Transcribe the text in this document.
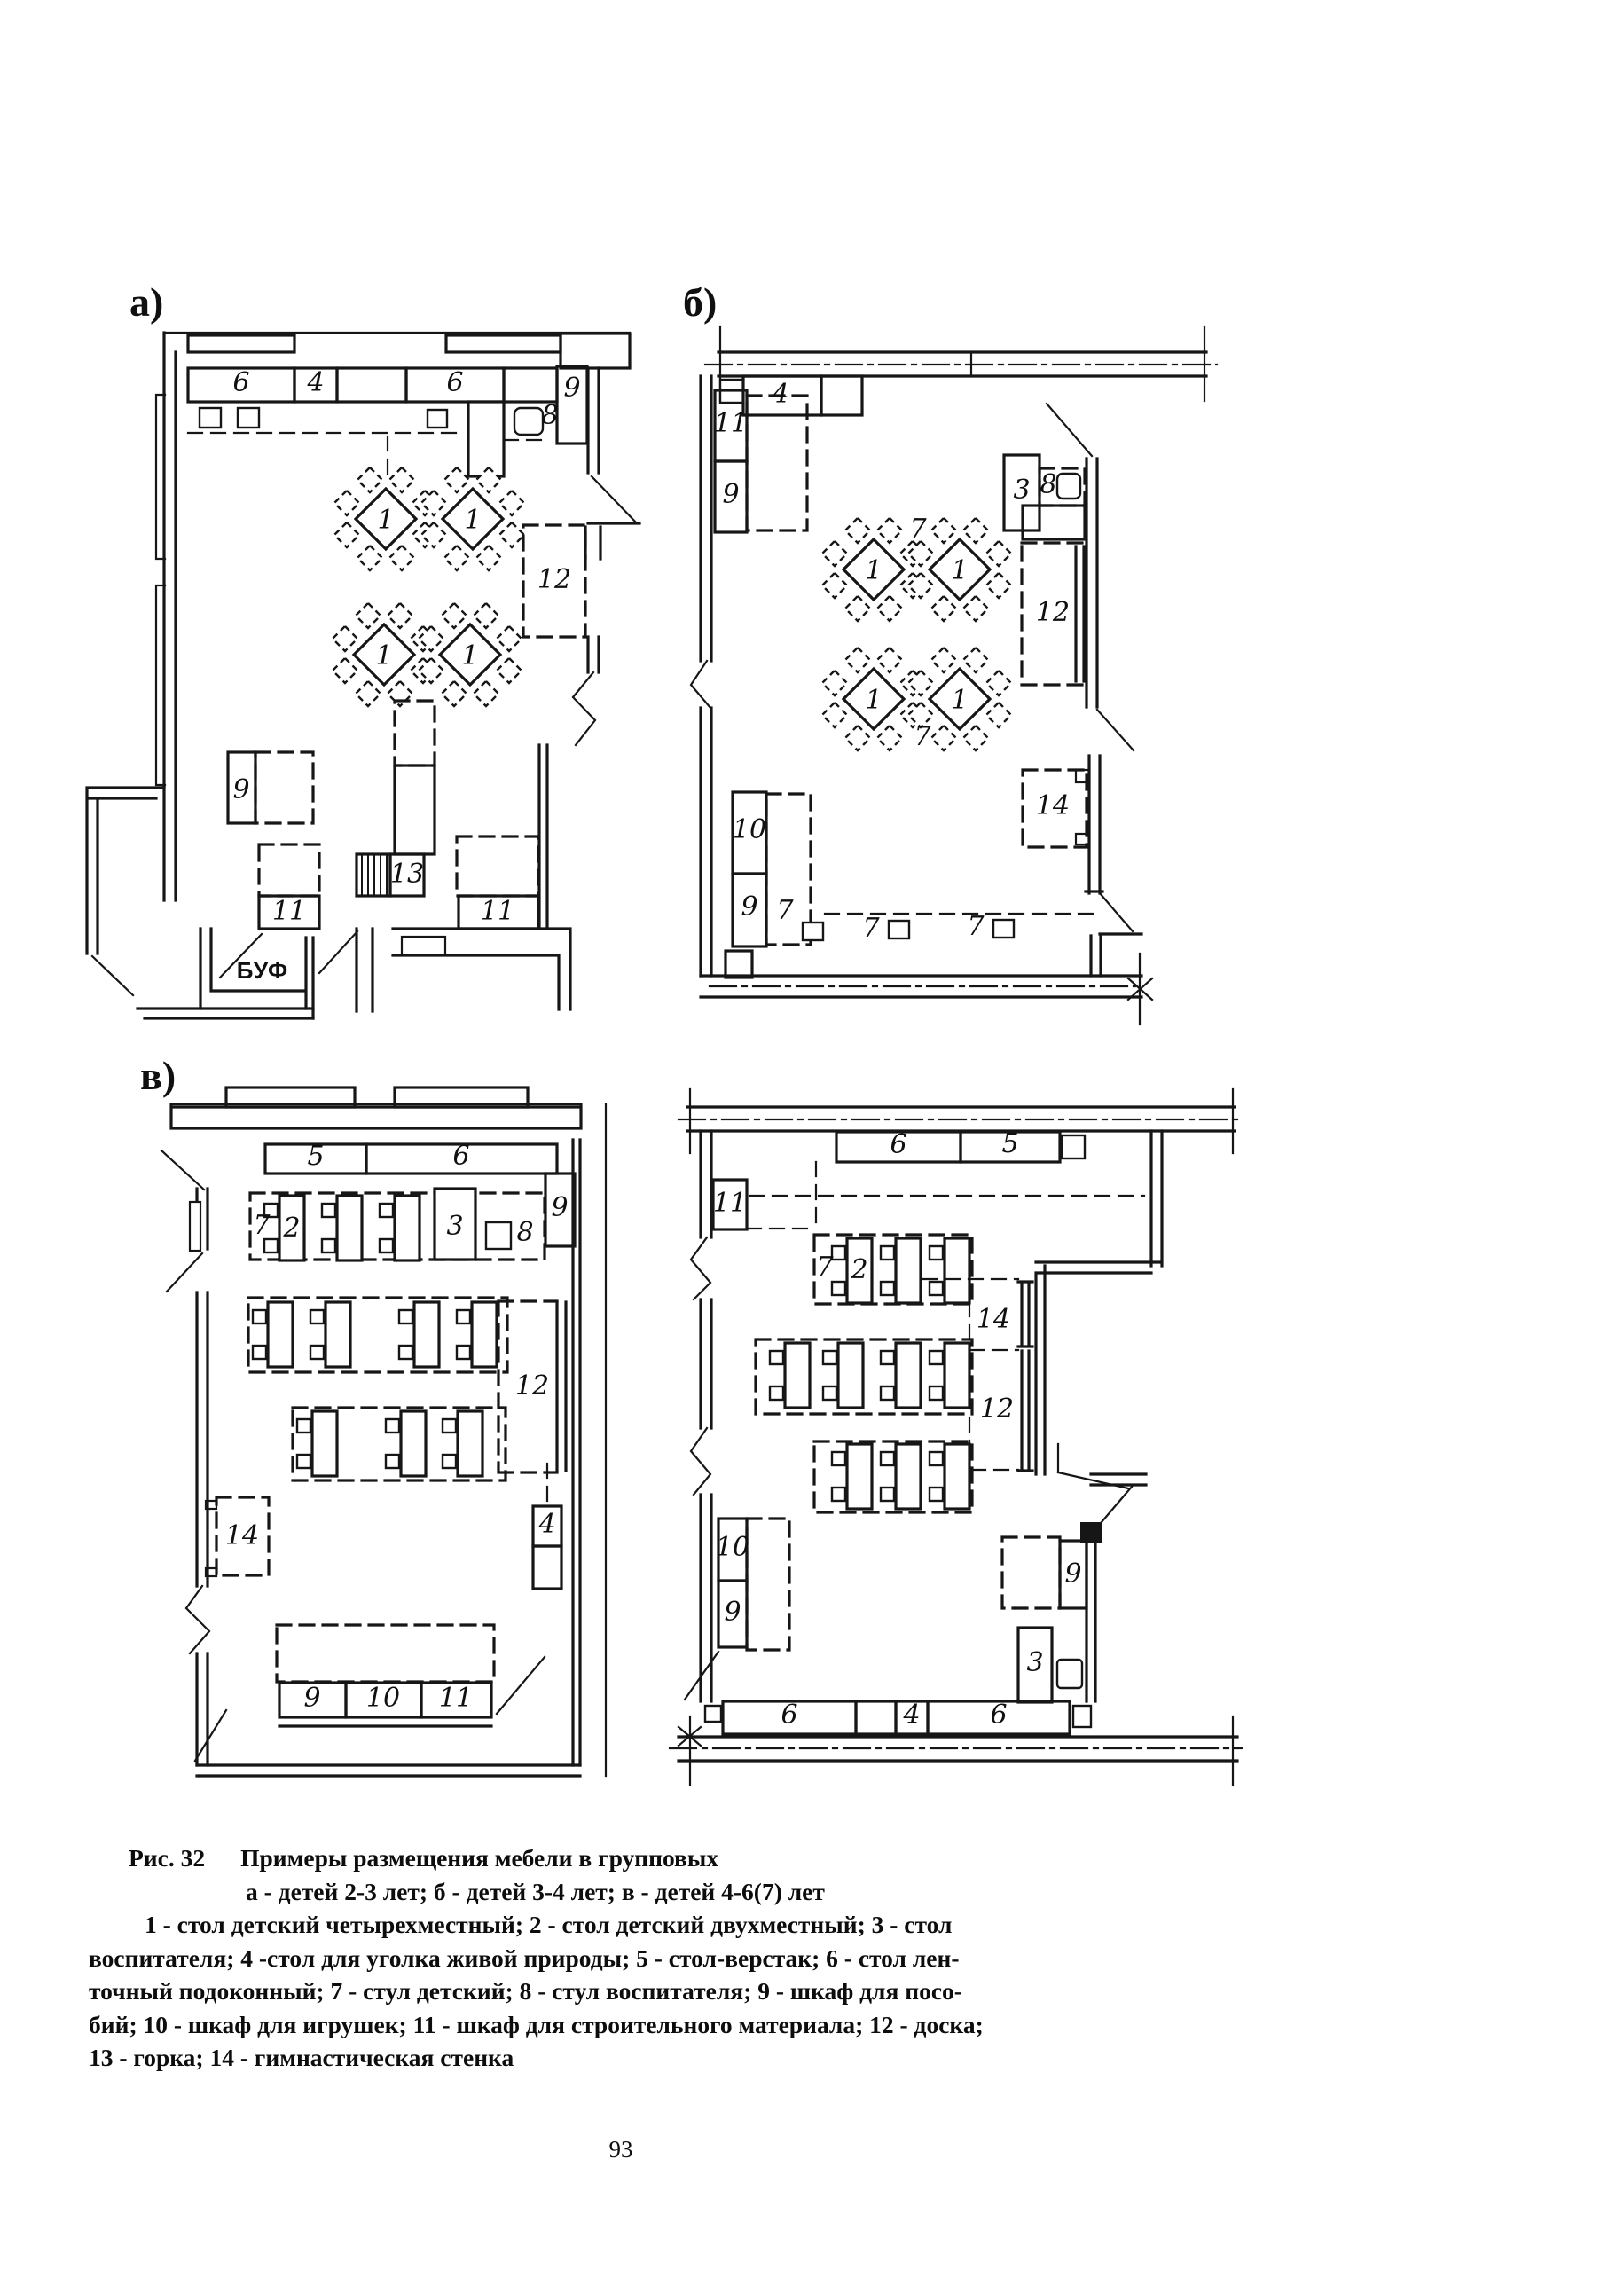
а)
6 4	6	9
8
1	1
12
1	1
9
13
11	11
БУФ
б)
4
11
9
7
1	1
3 8
12
1	1
7
14
10
9 7
7	7
в)
5	6
9
7 2	3 8
12
14	4
9 10 11
6	5
11
7 2
14
12
10
9
9
3
6	4	6
Рис. 32 Примеры размещения мебели в групповых
а - детей 2-3 лет; б - детей 3-4 лет; в - детей 4-6(7) лет
1 - стол детский четырехместный; 2 - стол детский двухместный; 3 - стол
воспитателя; 4 -стол для уголка живой природы; 5 - стол-верстак; 6 - стол лен-
точный подоконный; 7 - стул детский; 8 - стул воспитателя; 9 - шкаф для посо-
бий; 10 - шкаф для игрушек; 11 - шкаф для строительного материала; 12 - доска;
13 - горка; 14 - гимнастическая стенка
93
